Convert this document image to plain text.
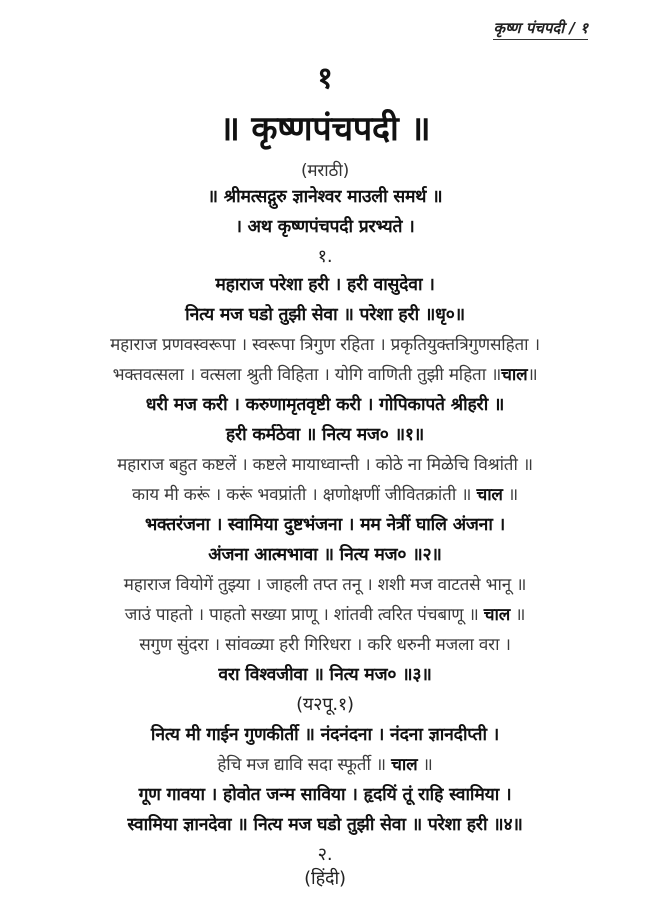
कृष्ण पंचपदी / १
१
॥ कृष्णपंचपदी ॥
(मराठी)
॥ श्रीमत्सद्गुरु ज्ञानेश्वर माउली समर्थ ॥
। अथ कृष्णपंचपदी प्ररभ्यते ।
१.
महाराज परेशा हरी । हरी वासुदेवा ।
नित्य मज घडो तुझी सेवा ॥ परेशा हरी ॥धृ०॥
महाराज प्रणवस्वरूपा । स्वरूपा त्रिगुण रहिता । प्रकृतियुक्तत्रिगुणसहिता ।
भक्तवत्सला । वत्सला श्रुती विहिता । योगि वाणिती तुझी महिता ॥चाल॥
धरी मज करी । करुणामृतवृष्टी करी । गोपिकापते श्रीहरी ॥
हरी कर्मठेवा ॥ नित्य मज० ॥१॥
महाराज बहुत कष्टलें । कष्टले मायाध्वान्ती । कोठे ना मिळेचि विश्रांती ॥
काय मी करूं । करूं भवप्रांती । क्षणोक्षणीं जीवितक्रांती ॥ चाल ॥
भक्तरंजना । स्वामिया दुष्टभंजना । मम नेत्रीं घालि अंजना ।
अंजना आत्मभावा ॥ नित्य मज० ॥२॥
महाराज वियोगें तुझ्या । जाहली तप्त तनू । शशी मज वाटतसे भानू ॥
जाउं पाहतो । पाहतो सख्या प्राणू । शांतवी त्वरित पंचबाणू ॥ चाल ॥
सगुण सुंदरा । सांवळ्या हरी गिरिधरा । करि धरुनी मजला वरा ।
वरा विश्वजीवा ॥ नित्य मज० ॥३॥
(य२पू.१)
नित्य मी गाईन गुणकीर्ती ॥ नंदनंदना । नंदना ज्ञानदीप्ती ।
हेचि मज द्यावि सदा स्फूर्ती ॥ चाल ॥
गूण गावया । होवोत जन्म साविया । हृदयिं तूं राहि स्वामिया ।
स्वामिया ज्ञानदेवा ॥ नित्य मज घडो तुझी सेवा ॥ परेशा हरी ॥४॥
२.
(हिंदी)
